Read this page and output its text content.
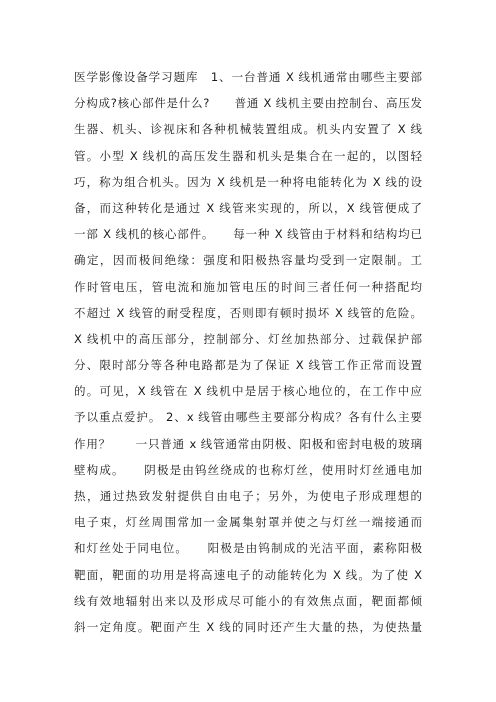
医学影像设备学习题库　1、一台普通 X 线机通常由哪些主要部
分构成?核心部件是什么?　　普通 X 线机主要由控制台、高压发
生器、机头、诊视床和各种机械装置组成。机头内安置了 X 线
管。小型 X 线机的高压发生器和机头是集合在一起的，以图轻
巧，称为组合机头。因为 X 线机是一种将电能转化为 X 线的设
备，而这种转化是通过 X 线管来实现的，所以，X 线管便成了
一部 X 线机的核心部件。　　每一种 X 线管由于材料和结构均已
确定，因而极间绝缘：强度和阳极热容量均受到一定限制。工
作时管电压，管电流和施加管电压的时间三者任何一种搭配均
不超过 X 线管的耐受程度，否则即有顿时损坏 X 线管的危险。
X 线机中的高压部分，控制部分、灯丝加热部分、过载保护部
分、限时部分等各种电路都是为了保证 X 线管工作正常而设置
的。可见，X 线管在 X 线机中是居于核心地位的，在工作中应
予以重点爱护。 2、x 线管由哪些主要部分构成？各有什么主要
作用？　　一只普通 x 线管通常由阴极、阳极和密封电极的玻璃
壁构成。　　阴极是由钨丝绕成的也称灯丝，使用时灯丝通电加
热，通过热致发射提供自由电子；另外，为使电子形成理想的
电子束，灯丝周围常加一金属集射罩并使之与灯丝一端接通而
和灯丝处于同电位。　　阳极是由钨制成的光洁平面，素称阳极
靶面，靶面的功用是将高速电子的动能转化为 X 线。为了使 X
线有效地辐射出来以及形成尽可能小的有效焦点面，靶面都倾
斜一定角度。靶面产生 X 线的同时还产生大量的热，为使热量
